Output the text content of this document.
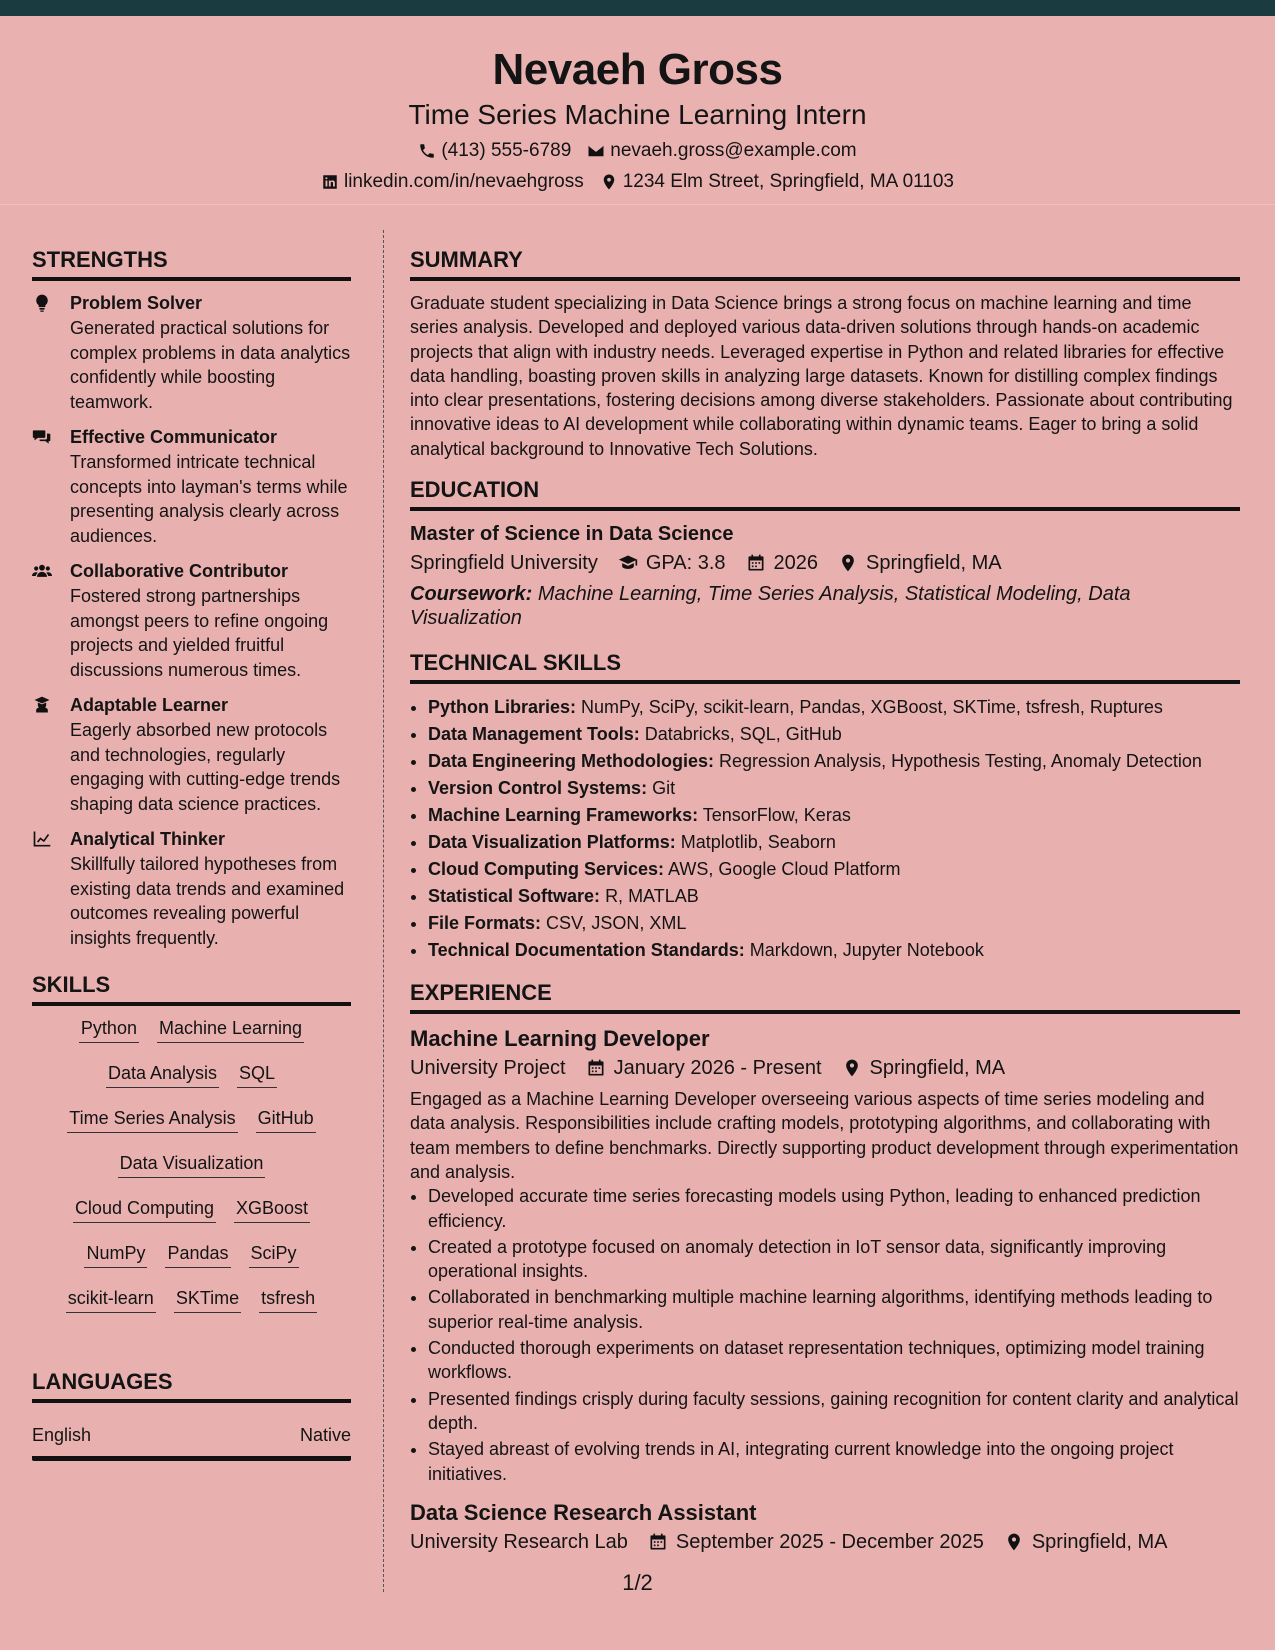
Nevaeh Gross
Time Series Machine Learning Intern
(413) 555-6789 nevaeh.gross@example.com
linkedin.com/in/nevaehgross 1234 Elm Street, Springfield, MA 01103
STRENGTHS
Problem Solver
Generated practical solutions for complex problems in data analytics confidently while boosting teamwork.
Effective Communicator
Transformed intricate technical concepts into layman's terms while presenting analysis clearly across audiences.
Collaborative Contributor
Fostered strong partnerships amongst peers to refine ongoing projects and yielded fruitful discussions numerous times.
Adaptable Learner
Eagerly absorbed new protocols and technologies, regularly engaging with cutting-edge trends shaping data science practices.
Analytical Thinker
Skillfully tailored hypotheses from existing data trends and examined outcomes revealing powerful insights frequently.
SKILLS
Python Machine Learning
Data Analysis SQL
Time Series Analysis GitHub
Data Visualization
Cloud Computing XGBoost
NumPy Pandas SciPy
scikit-learn SKTime tsfresh
LANGUAGES
English	Native
SUMMARY
Graduate student specializing in Data Science brings a strong focus on machine learning and time series analysis. Developed and deployed various data-driven solutions through hands-on academic projects that align with industry needs. Leveraged expertise in Python and related libraries for effective data handling, boasting proven skills in analyzing large datasets. Known for distilling complex findings into clear presentations, fostering decisions among diverse stakeholders. Passionate about contributing innovative ideas to AI development while collaborating within dynamic teams. Eager to bring a solid analytical background to Innovative Tech Solutions.
EDUCATION
Master of Science in Data Science
Springfield University GPA: 3.8 2026 Springfield, MA
Coursework: Machine Learning, Time Series Analysis, Statistical Modeling, Data Visualization
TECHNICAL SKILLS
• Python Libraries: NumPy, SciPy, scikit-learn, Pandas, XGBoost, SKTime, tsfresh, Ruptures
• Data Management Tools: Databricks, SQL, GitHub
• Data Engineering Methodologies: Regression Analysis, Hypothesis Testing, Anomaly Detection
• Version Control Systems: Git
• Machine Learning Frameworks: TensorFlow, Keras
• Data Visualization Platforms: Matplotlib, Seaborn
• Cloud Computing Services: AWS, Google Cloud Platform
• Statistical Software: R, MATLAB
• File Formats: CSV, JSON, XML
• Technical Documentation Standards: Markdown, Jupyter Notebook
EXPERIENCE
Machine Learning Developer
University Project January 2026 - Present Springfield, MA
Engaged as a Machine Learning Developer overseeing various aspects of time series modeling and data analysis. Responsibilities include crafting models, prototyping algorithms, and collaborating with team members to define benchmarks. Directly supporting product development through experimentation and analysis.
• Developed accurate time series forecasting models using Python, leading to enhanced prediction efficiency.
• Created a prototype focused on anomaly detection in IoT sensor data, significantly improving operational insights.
• Collaborated in benchmarking multiple machine learning algorithms, identifying methods leading to superior real-time analysis.
• Conducted thorough experiments on dataset representation techniques, optimizing model training workflows.
• Presented findings crisply during faculty sessions, gaining recognition for content clarity and analytical depth.
• Stayed abreast of evolving trends in AI, integrating current knowledge into the ongoing project initiatives.
Data Science Research Assistant
University Research Lab September 2025 - December 2025 Springfield, MA
1/2
